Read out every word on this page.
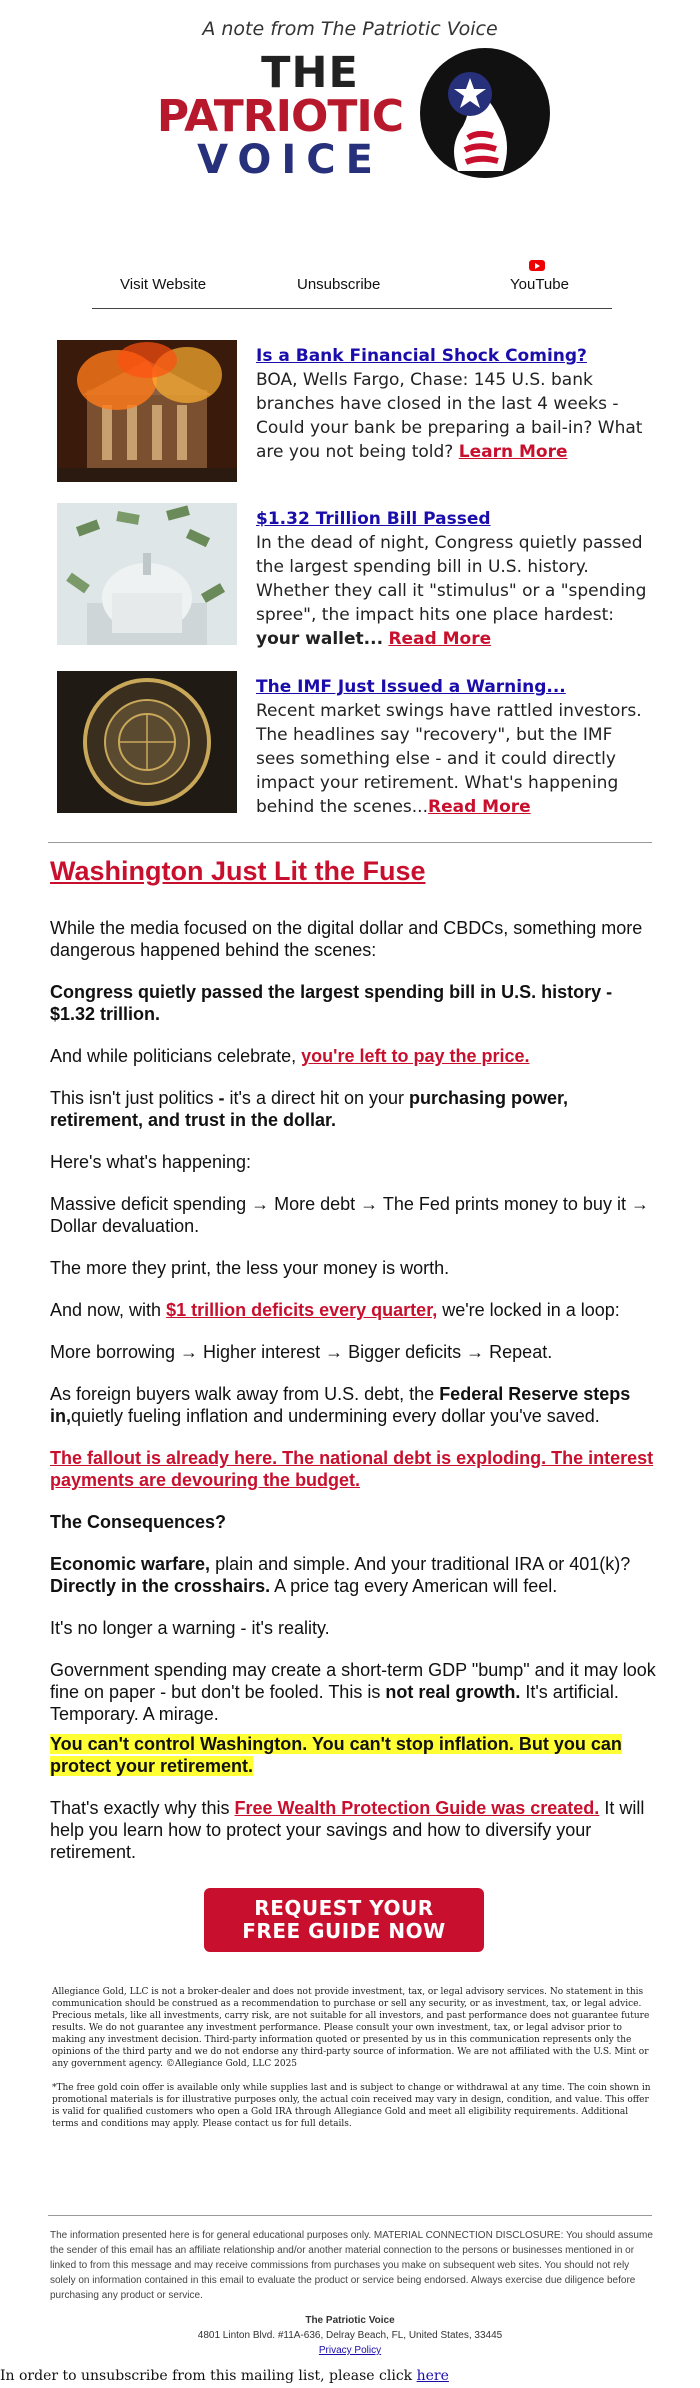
A note from The Patriotic Voice
THE
PATRIOTIC
VOICE
Visit Website	Unsubscribe	YouTube
Is a Bank Financial Shock Coming?
BOA, Wells Fargo, Chase: 145 U.S. bank branches have closed in the last 4 weeks - Could your bank be preparing a bail-in? What are you not being told? Learn More
$1.32 Trillion Bill Passed
In the dead of night, Congress quietly passed the largest spending bill in U.S. history. Whether they call it "stimulus" or a "spending spree", the impact hits one place hardest: your wallet... Read More
The IMF Just Issued a Warning...
Recent market swings have rattled investors. The headlines say "recovery", but the IMF sees something else - and it could directly impact your retirement. What's happening behind the scenes...Read More
Washington Just Lit the Fuse
While the media focused on the digital dollar and CBDCs, something more dangerous happened behind the scenes:
Congress quietly passed the largest spending bill in U.S. history - $1.32 trillion.
And while politicians celebrate, you're left to pay the price.
This isn't just politics - it's a direct hit on your purchasing power, retirement, and trust in the dollar.
Here's what's happening:
Massive deficit spending → More debt → The Fed prints money to buy it → Dollar devaluation.
The more they print, the less your money is worth.
And now, with $1 trillion deficits every quarter, we're locked in a loop:
More borrowing → Higher interest → Bigger deficits → Repeat.
As foreign buyers walk away from U.S. debt, the Federal Reserve steps in,quietly fueling inflation and undermining every dollar you've saved.
The fallout is already here. The national debt is exploding. The interest payments are devouring the budget.
The Consequences?
Economic warfare, plain and simple. And your traditional IRA or 401(k)? Directly in the crosshairs. A price tag every American will feel.
It's no longer a warning - it's reality.
Government spending may create a short-term GDP "bump" and it may look fine on paper - but don't be fooled. This is not real growth. It's artificial. Temporary. A mirage.
You can't control Washington. You can't stop inflation. But you can protect your retirement.
That's exactly why this Free Wealth Protection Guide was created. It will help you learn how to protect your savings and how to diversify your retirement.
REQUEST YOUR
FREE GUIDE NOW
Allegiance Gold, LLC is not a broker-dealer and does not provide investment, tax, or legal advisory services. No statement in this communication should be construed as a recommendation to purchase or sell any security, or as investment, tax, or legal advice. Precious metals, like all investments, carry risk, are not suitable for all investors, and past performance does not guarantee future results. We do not guarantee any investment performance. Please consult your own investment, tax, or legal advisor prior to making any investment decision. Third-party information quoted or presented by us in this communication represents only the opinions of the third party and we do not endorse any third-party source of information. We are not affiliated with the U.S. Mint or any government agency. ©Allegiance Gold, LLC 2025
*The free gold coin offer is available only while supplies last and is subject to change or withdrawal at any time. The coin shown in promotional materials is for illustrative purposes only, the actual coin received may vary in design, condition, and value. This offer is valid for qualified customers who open a Gold IRA through Allegiance Gold and meet all eligibility requirements. Additional terms and conditions may apply. Please contact us for full details.
The information presented here is for general educational purposes only. MATERIAL CONNECTION DISCLOSURE: You should assume the sender of this email has an affiliate relationship and/or another material connection to the persons or businesses mentioned in or linked to from this message and may receive commissions from purchases you make on subsequent web sites. You should not rely solely on information contained in this email to evaluate the product or service being endorsed. Always exercise due diligence before purchasing any product or service.
The Patriotic Voice
4801 Linton Blvd. #11A-636, Delray Beach, FL, United States, 33445
Privacy Policy
In order to unsubscribe from this mailing list, please click here
